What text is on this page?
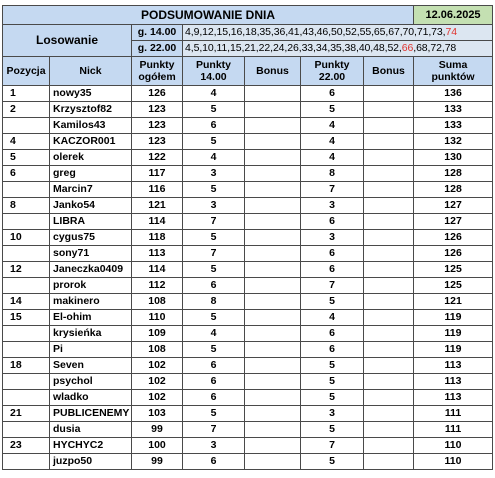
PODSUMOWANIE DNIA							12.06.2025
Losowanie		g. 14.00	4,9,12,15,16,18,35,36,41,43,46,50,52,55,65,67,70,71,73,74				
		g. 22.00	4,5,10,11,15,21,22,24,26,33,34,35,38,40,48,52,66,68,72,78				
Pozycja	Nick	Punkty ogółem	Punkty 14.00	Bonus	Punkty 22.00	Bonus	Suma punktów
1	nowy35	126	4		6		136
2	Krzysztof82	123	5		5		133
	Kamilos43	123	6		4		133
4	KACZOR001	123	5		4		132
5	olerek	122	4		4		130
6	greg	117	3		8		128
	Marcin7	116	5		7		128
8	Janko54	121	3		3		127
	LIBRA	114	7		6		127
10	cygus75	118	5		3		126
	sony71	113	7		6		126
12	Janeczka0409	114	5		6		125
	prorok	112	6		7		125
14	makinero	108	8		5		121
15	El-ohim	110	5		4		119
	krysieńka	109	4		6		119
	Pi	108	5		6		119
18	Seven	102	6		5		113
	psychol	102	6		5		113
	wladko	102	6		5		113
21	PUBLICENEMY	103	5		3		111
	dusia	99	7		5		111
23	HYCHYC2	100	3		7		110
	juzpo50	99	6		5		110
